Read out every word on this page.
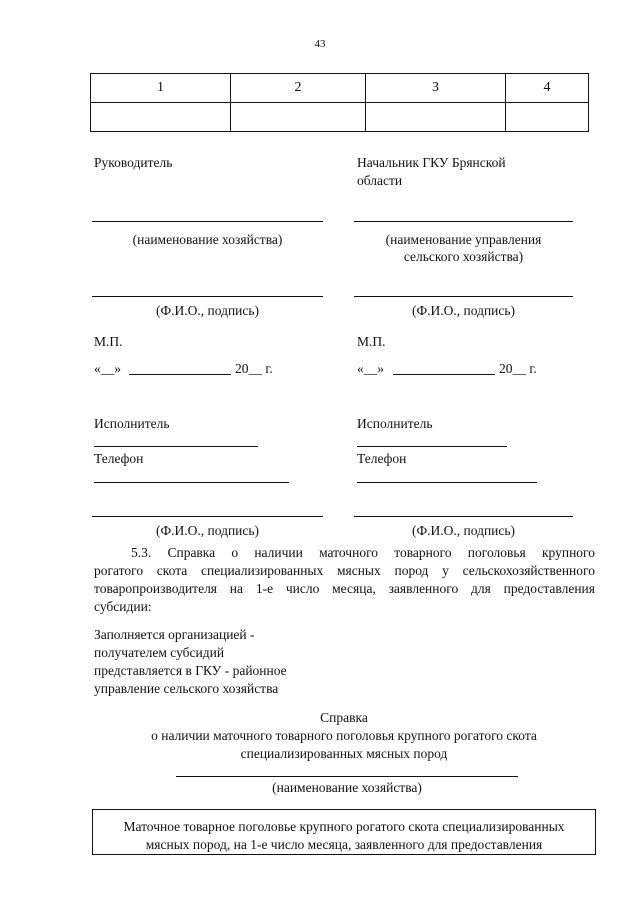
43
1	2	3	4

Руководитель
(наименование хозяйства)
(Ф.И.О., подпись)
М.П.
«__»	20__ г.
Исполнитель
Телефон
(Ф.И.О., подпись)
Начальник ГКУ Брянской
области
(наименование управления
сельского хозяйства)
(Ф.И.О., подпись)
М.П.
«__»	20__ г.
Исполнитель
Телефон
(Ф.И.О., подпись)
5.3. Справка о наличии маточного товарного поголовья крупного
рогатого скота специализированных мясных пород у сельскохозяйственного
товаропроизводителя на 1-е число месяца, заявленного для предоставления
субсидии:
Заполняется организацией -
получателем субсидий
представляется в ГКУ - районное
управление сельского хозяйства
Справка
о наличии маточного товарного поголовья крупного рогатого скота
специализированных мясных пород
(наименование хозяйства)
Маточное товарное поголовье крупного рогатого скота специализированных
мясных пород, на 1-е число месяца, заявленного для предоставления
